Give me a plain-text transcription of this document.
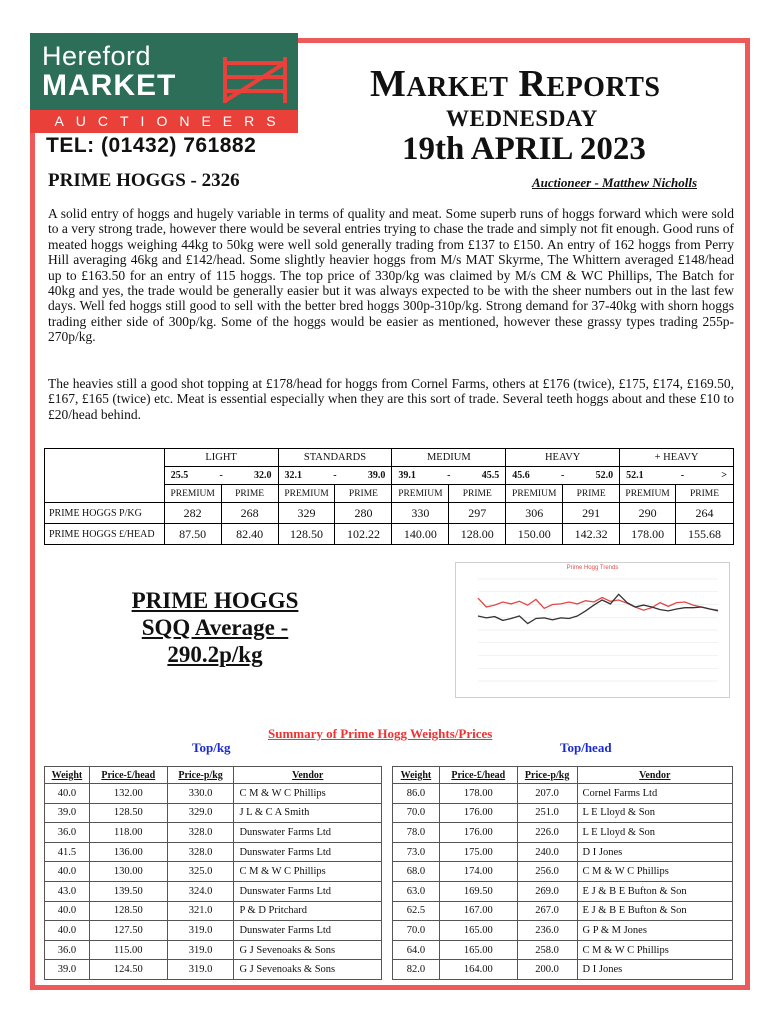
Hereford
MARKET
AUCTIONEERS
TEL: (01432) 761882
MARKET REPORTS
WEDNESDAY
19th APRIL 2023
PRIME HOGGS - 2326	Auctioneer - Matthew Nicholls

A solid entry of hoggs and hugely variable in terms of quality and meat. Some superb runs of hoggs forward which were sold to a very strong trade, however there would be several entries trying to chase the trade and simply not fit enough. Good runs of meated hoggs weighing 44kg to 50kg were well sold generally trading from £137 to £150. An entry of 162 hoggs from Perry Hill averaging 46kg and £142/head. Some slightly heavier hoggs from M/s MAT Skyrme, The Whittern averaged £148/head up to £163.50 for an entry of 115 hoggs. The top price of 330p/kg was claimed by M/s CM & WC Phillips, The Batch for 40kg and yes, the trade would be generally easier but it was always expected to be with the sheer numbers out in the last few days. Well fed hoggs still good to sell with the better bred hoggs 300p-310p/kg. Strong demand for 37-40kg with shorn hoggs trading either side of 300p/kg. Some of the hoggs would be easier as mentioned, however these grassy types trading 255p-270p/kg.

The heavies still a good shot topping at £178/head for hoggs from Cornel Farms, others at £176 (twice), £175, £174, £169.50, £167, £165 (twice) etc. Meat is essential especially when they are this sort of trade. Several teeth hoggs about and these £10 to £20/head behind.

	LIGHT		STANDARDS		MEDIUM		HEAVY		+ HEAVY	

	25.5 - 32.0		32.1 - 39.0		39.1 - 45.5		45.6 - 52.0		52.1 - >	

	PREMIUM	PRIME	PREMIUM	PRIME	PREMIUM	PRIME	PREMIUM	PRIME	PREMIUM	PRIME
PRIME HOGGS P/KG	282	268	329	280	330	297	306	291	290	264
PRIME HOGGS £/HEAD	87.50	82.40	128.50	102.22	140.00	128.00	150.00	142.32	178.00	155.68
PRIME HOGGS
SQQ Average -
290.2p/kg
Prime Hogg Trends
Summary of Prime Hogg Weights/Prices
Top/kg	Top/head
Weight	Price-£/head	Price-p/kg	Vendor
40.0	132.00	330.0	C M & W C Phillips
39.0	128.50	329.0	J L & C A Smith
36.0	118.00	328.0	Dunswater Farms Ltd
41.5	136.00	328.0	Dunswater Farms Ltd
40.0	130.00	325.0	C M & W C Phillips
43.0	139.50	324.0	Dunswater Farms Ltd
40.0	128.50	321.0	P & D Pritchard
40.0	127.50	319.0	Dunswater Farms Ltd
36.0	115.00	319.0	G J Sevenoaks & Sons
39.0	124.50	319.0	G J Sevenoaks & Sons
Weight	Price-£/head	Price-p/kg	Vendor
86.0	178.00	207.0	Cornel Farms Ltd
70.0	176.00	251.0	L E Lloyd & Son
78.0	176.00	226.0	L E Lloyd & Son
73.0	175.00	240.0	D I Jones
68.0	174.00	256.0	C M & W C Phillips
63.0	169.50	269.0	E J & B E Bufton & Son
62.5	167.00	267.0	E J & B E Bufton & Son
70.0	165.00	236.0	G P & M Jones
64.0	165.00	258.0	C M & W C Phillips
82.0	164.00	200.0	D I Jones
